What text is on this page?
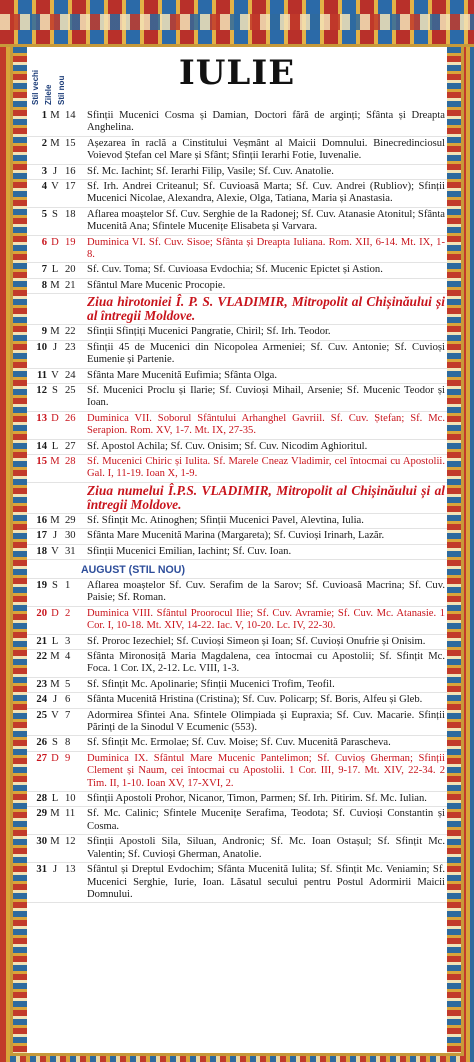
Stil vechi Zilele Stil nou	IULIE
1 M 14	Sfinții Mucenici Cosma și Damian, Doctori fără de arginți; Sfânta și Dreapta Anghelina.
2 M 15	Așezarea în raclă a Cinstitului Veșmânt al Maicii Domnului. Binecredinciosul Voievod Ștefan cel Mare și Sfânt; Sfinții Ierarhi Fotie, Iuvenalie.
3 J 16	Sf. Mc. Iachint; Sf. Ierarhi Filip, Vasile; Sf. Cuv. Anatolie.
4 V 17	Sf. Irh. Andrei Criteanul; Sf. Cuvioasă Marta; Sf. Cuv. Andrei (Rubliov); Sfinții Mucenici Nicolae, Alexandra, Alexie, Olga, Tatiana, Maria și Anastasia.
5 S 18	Aflarea moaștelor Sf. Cuv. Serghie de la Radonej; Sf. Cuv. Atanasie Atonitul; Sfânta Mucenită Ana; Sfintele Mucenițe Elisabeta și Varvara.
6 D 19	Duminica VI. Sf. Cuv. Sisoe; Sfânta și Dreapta Iuliana. Rom. XII, 6-14. Mt. IX, 1-8.
7 L 20	Sf. Cuv. Toma; Sf. Cuvioasa Evdochia; Sf. Mucenic Epictet și Astion.
8 M 21	Sfântul Mare Mucenic Procopie.
Ziua hirotoniei Î. P. S. VLADIMIR, Mitropolit al Chișinăului și al întregii Moldove.
9 M 22	Sfinții Sfințiți Mucenici Pangratie, Chiril; Sf. Irh. Teodor.
10 J 23	Sfinții 45 de Mucenici din Nicopolea Armeniei; Sf. Cuv. Antonie; Sf. Cuvioși Eumenie și Partenie.
11 V 24	Sfânta Mare Mucenită Eufimia; Sfânta Olga.
12 S 25	Sf. Mucenici Proclu și Ilarie; Sf. Cuvioși Mihail, Arsenie; Sf. Mucenic Teodor și Ioan.
13 D 26	Duminica VII. Soborul Sfântului Arhanghel Gavriil. Sf. Cuv. Ștefan; Sf. Mc. Serapion. Rom. XV, 1-7. Mt. IX, 27-35.
14 L 27	Sf. Apostol Achila; Sf. Cuv. Onisim; Sf. Cuv. Nicodim Aghioritul.
15 M 28	Sf. Mucenici Chiric și Iulita. Sf. Marele Cneaz Vladimir, cel întocmai cu Apostolii. Gal. I, 11-19. Ioan X, 1-9.
Ziua numelui Î.P.S. VLADIMIR, Mitropolit al Chișinăului și al întregii Moldove.
16 M 29	Sf. Sfințit Mc. Atinoghen; Sfinții Mucenici Pavel, Alevtina, Iulia.
17 J 30	Sfânta Mare Mucenită Marina (Margareta); Sf. Cuvioși Irinarh, Lazăr.
18 V 31	Sfinții Mucenici Emilian, Iachint; Sf. Cuv. Ioan.
AUGUST (STIL NOU)
19 S 1	Aflarea moaștelor Sf. Cuv. Serafim de la Sarov; Sf. Cuvioasă Macrina; Sf. Cuv. Paisie; Sf. Roman.
20 D 2	Duminica VIII. Sfântul Proorocul Ilie; Sf. Cuv. Avramie; Sf. Cuv. Mc. Atanasie. 1 Cor. I, 10-18. Mt. XIV, 14-22. Iac. V, 10-20. Lc. IV, 22-30.
21 L 3	Sf. Proroc Iezechiel; Sf. Cuvioși Simeon și Ioan; Sf. Cuvioși Onufrie și Onisim.
22 M 4	Sfânta Mironosiță Maria Magdalena, cea întocmai cu Apostolii; Sf. Sfințit Mc. Foca. 1 Cor. IX, 2-12. Lc. VIII, 1-3.
23 M 5	Sf. Sfințit Mc. Apolinarie; Sfinții Mucenici Trofim, Teofil.
24 J 6	Sfânta Mucenită Hristina (Cristina); Sf. Cuv. Policarp; Sf. Boris, Alfeu și Gleb.
25 V 7	Adormirea Sfintei Ana. Sfintele Olimpiada și Eupraxia; Sf. Cuv. Macarie. Sfinții Părinți de la Sinodul V Ecumenic (553).
26 S 8	Sf. Sfințit Mc. Ermolae; Sf. Cuv. Moise; Sf. Cuv. Mucenită Parascheva.
27 D 9	Duminica IX. Sfântul Mare Mucenic Pantelimon; Sf. Cuvioș Gherman; Sfinții Clement și Naum, cei întocmai cu Apostolii. 1 Cor. III, 9-17. Mt. XIV, 22-34. 2 Tim. II, 1-10. Ioan XV, 17-XVI, 2.
28 L 10	Sfinții Apostoli Prohor, Nicanor, Timon, Parmen; Sf. Irh. Pitirim. Sf. Mc. Iulian.
29 M 11	Sf. Mc. Calinic; Sfintele Mucenițe Serafima, Teodota; Sf. Cuvioși Constantin și Cosma.
30 M 12	Sfinții Apostoli Sila, Siluan, Andronic; Sf. Mc. Ioan Ostașul; Sf. Sfințit Mc. Valentin; Sf. Cuvioși Gherman, Anatolie.
31 J 13	Sfântul și Dreptul Evdochim; Sfânta Mucenită Iulita; Sf. Sfințit Mc. Veniamin; Sf. Mucenici Serghie, Iurie, Ioan. Lăsatul secului pentru Postul Adormirii Maicii Domnului.
